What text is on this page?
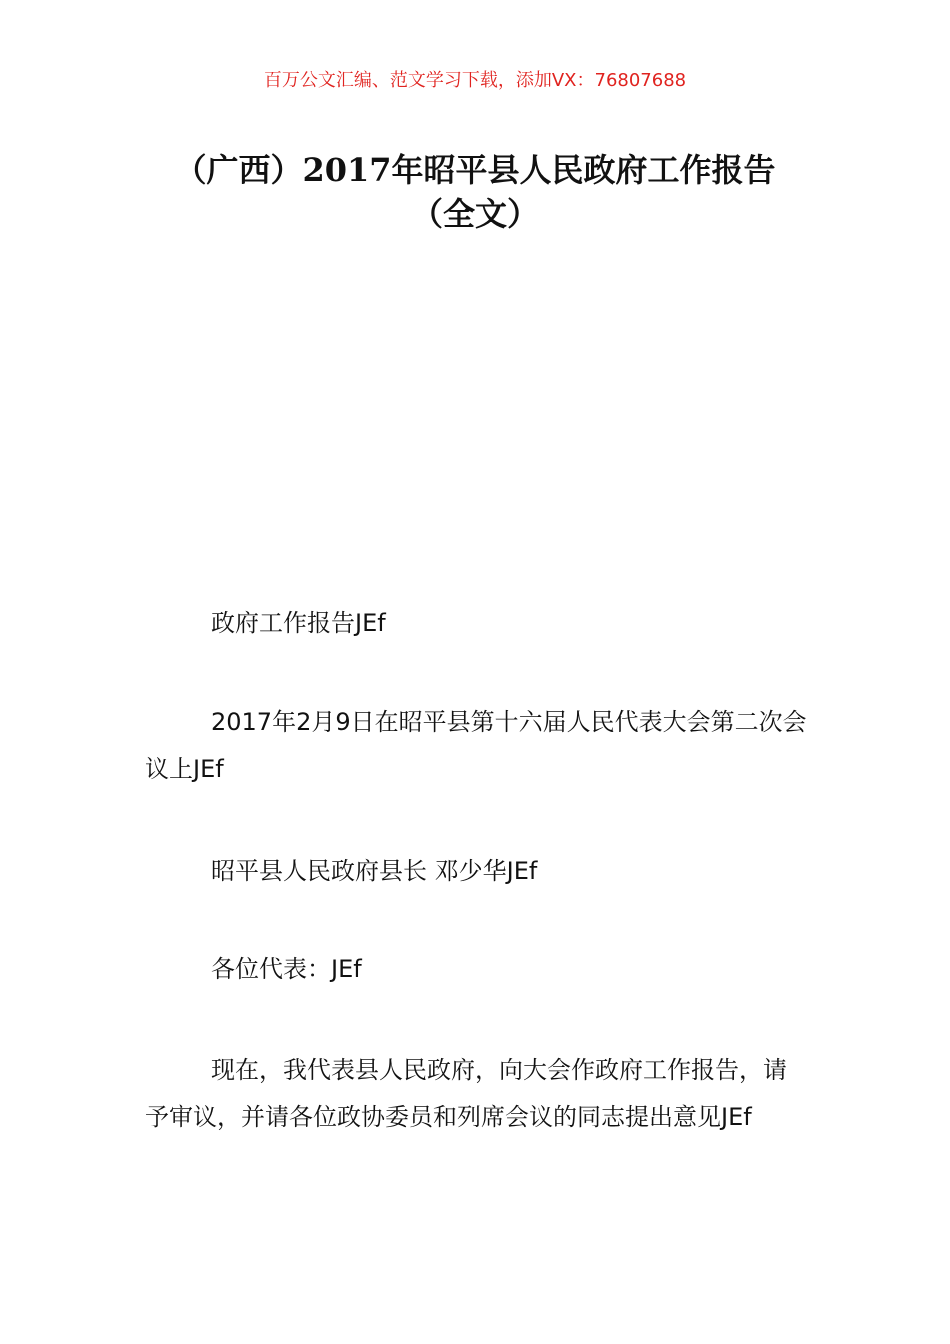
百万公文汇编、范文学习下载，添加VX：76807688
（广西）2017年昭平县人民政府工作报告
（全文）

政府工作报告JEf

2017年2月9日在昭平县第十六届人民代表大会第二次会议上JEf

昭平县人民政府县长 邓少华JEf

各位代表：JEf

现在，我代表县人民政府，向大会作政府工作报告，请予审议，并请各位政协委员和列席会议的同志提出意见JEf
